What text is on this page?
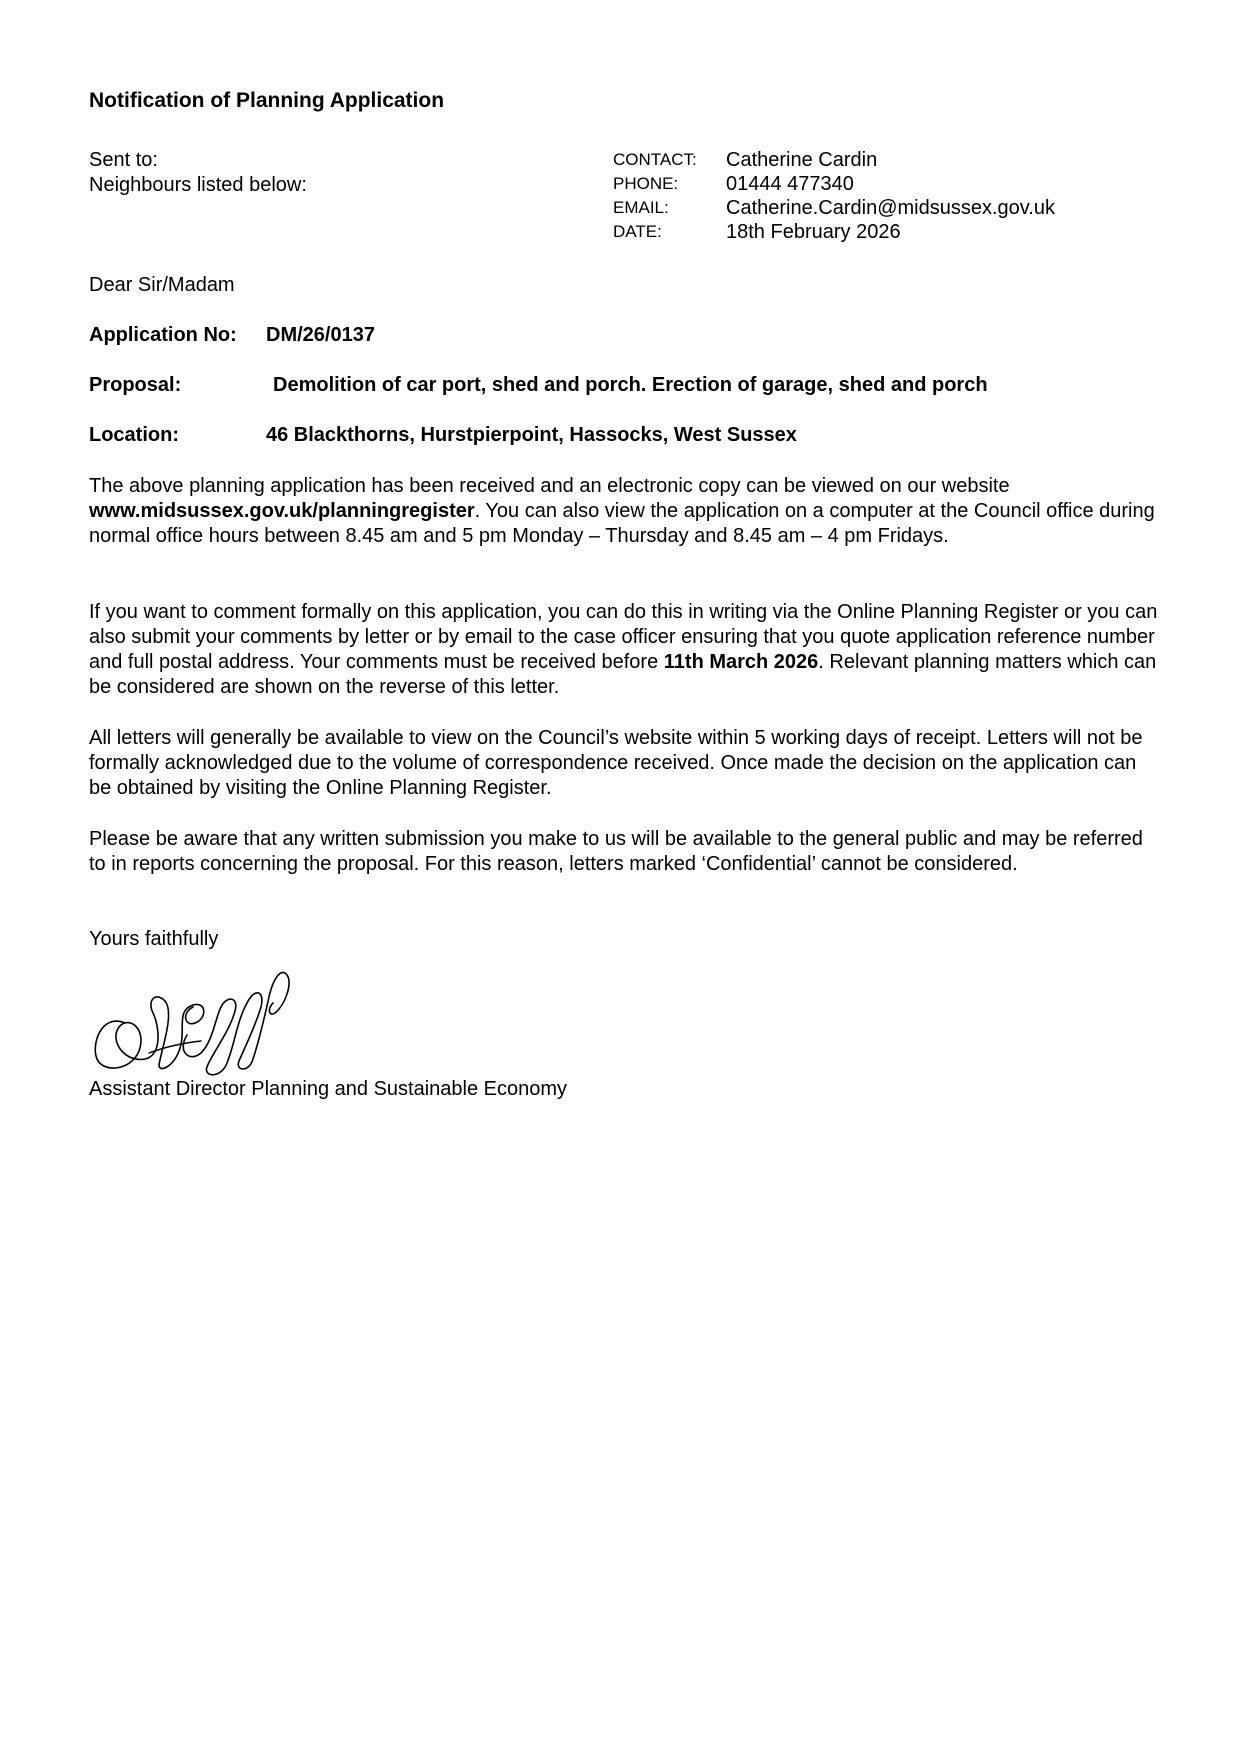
Notification of Planning Application
Sent to:
Neighbours listed below:
CONTACT:	Catherine Cardin
PHONE:	01444 477340
EMAIL:	Catherine.Cardin@midsussex.gov.uk
DATE:	18th February 2026
Dear Sir/Madam
Application No: DM/26/0137
Proposal:	Demolition of car port, shed and porch. Erection of garage, shed and porch
Location:	46 Blackthorns, Hurstpierpoint, Hassocks, West Sussex
The above planning application has been received and an electronic copy can be viewed on our website www.midsussex.gov.uk/planningregister. You can also view the application on a computer at the Council office during normal office hours between 8.45 am and 5 pm Monday – Thursday and 8.45 am – 4 pm Fridays.
If you want to comment formally on this application, you can do this in writing via the Online Planning Register or you can also submit your comments by letter or by email to the case officer ensuring that you quote application reference number and full postal address. Your comments must be received before 11th March 2026. Relevant planning matters which can be considered are shown on the reverse of this letter.
All letters will generally be available to view on the Council’s website within 5 working days of receipt. Letters will not be formally acknowledged due to the volume of correspondence received. Once made the decision on the application can be obtained by visiting the Online Planning Register.
Please be aware that any written submission you make to us will be available to the general public and may be referred to in reports concerning the proposal. For this reason, letters marked ‘Confidential’ cannot be considered.
Yours faithfully
Assistant Director Planning and Sustainable Economy
